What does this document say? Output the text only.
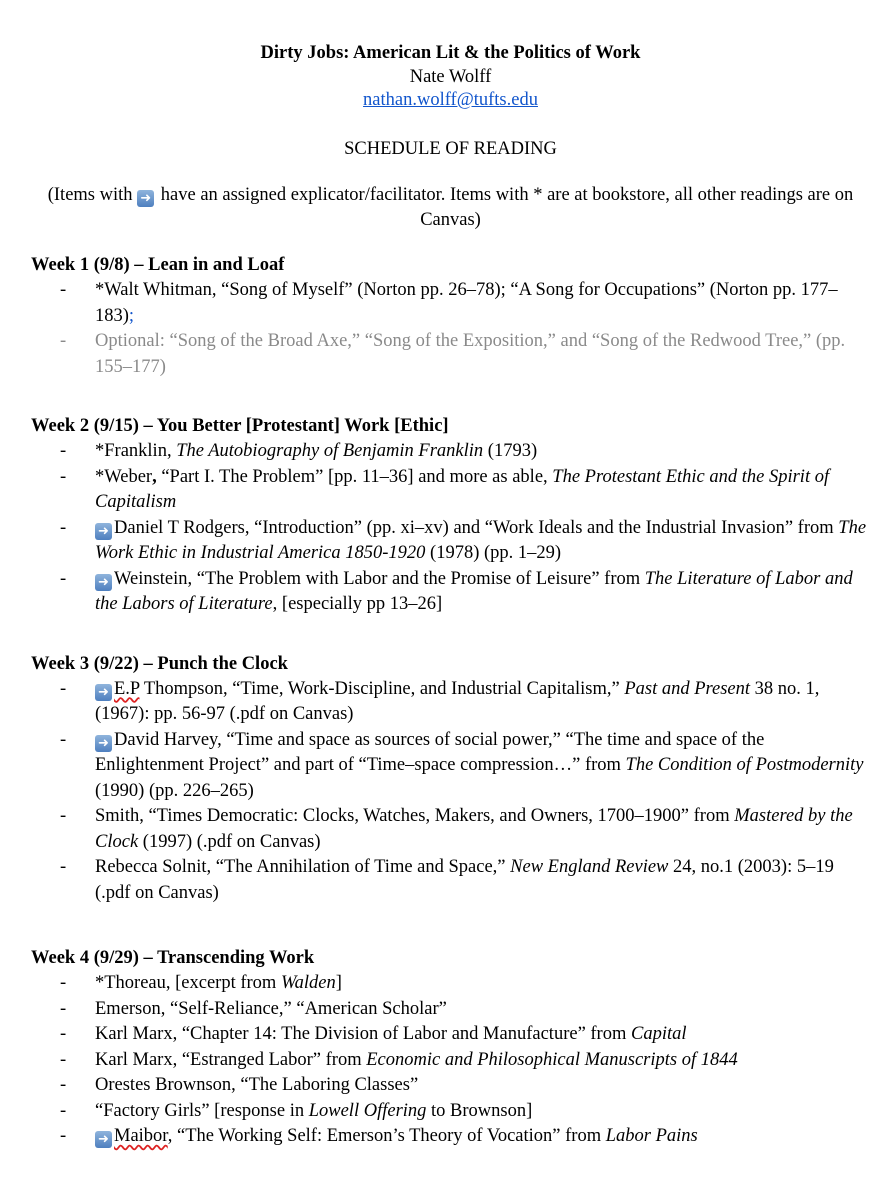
Dirty Jobs: American Lit & the Politics of Work
Nate Wolff
nathan.wolff@tufts.edu
SCHEDULE OF READING
(Items with ➜ have an assigned explicator/facilitator. Items with * are at bookstore, all other readings are on Canvas)
Week 1 (9/8) – Lean in and Loaf
- *Walt Whitman, “Song of Myself” (Norton pp. 26–78); “A Song for Occupations” (Norton pp. 177–183);
- Optional: “Song of the Broad Axe,” “Song of the Exposition,” and “Song of the Redwood Tree,” (pp. 155–177)
Week 2 (9/15) – You Better [Protestant] Work [Ethic]
- *Franklin, The Autobiography of Benjamin Franklin (1793)
- *Weber, “Part I. The Problem” [pp. 11–36] and more as able, The Protestant Ethic and the Spirit of Capitalism
- ➜ Daniel T Rodgers, “Introduction” (pp. xi–xv) and “Work Ideals and the Industrial Invasion” from The Work Ethic in Industrial America 1850-1920 (1978) (pp. 1–29)
- ➜ Weinstein, “The Problem with Labor and the Promise of Leisure” from The Literature of Labor and the Labors of Literature, [especially pp 13–26]
Week 3 (9/22) – Punch the Clock
- ➜ E.P Thompson, “Time, Work-Discipline, and Industrial Capitalism,” Past and Present 38 no. 1, (1967): pp. 56-97 (.pdf on Canvas)
- ➜ David Harvey, “Time and space as sources of social power,” “The time and space of the Enlightenment Project” and part of “Time–space compression…” from The Condition of Postmodernity (1990) (pp. 226–265)
- Smith, “Times Democratic: Clocks, Watches, Makers, and Owners, 1700–1900” from Mastered by the Clock (1997) (.pdf on Canvas)
- Rebecca Solnit, “The Annihilation of Time and Space,” New England Review 24, no.1 (2003): 5–19 (.pdf on Canvas)
Week 4 (9/29) – Transcending Work
- *Thoreau, [excerpt from Walden]
- Emerson, “Self-Reliance,” “American Scholar”
- Karl Marx, “Chapter 14: The Division of Labor and Manufacture” from Capital
- Karl Marx, “Estranged Labor” from Economic and Philosophical Manuscripts of 1844
- Orestes Brownson, “The Laboring Classes”
- “Factory Girls” [response in Lowell Offering to Brownson]
- ➜ Maibor, “The Working Self: Emerson’s Theory of Vocation” from Labor Pains
